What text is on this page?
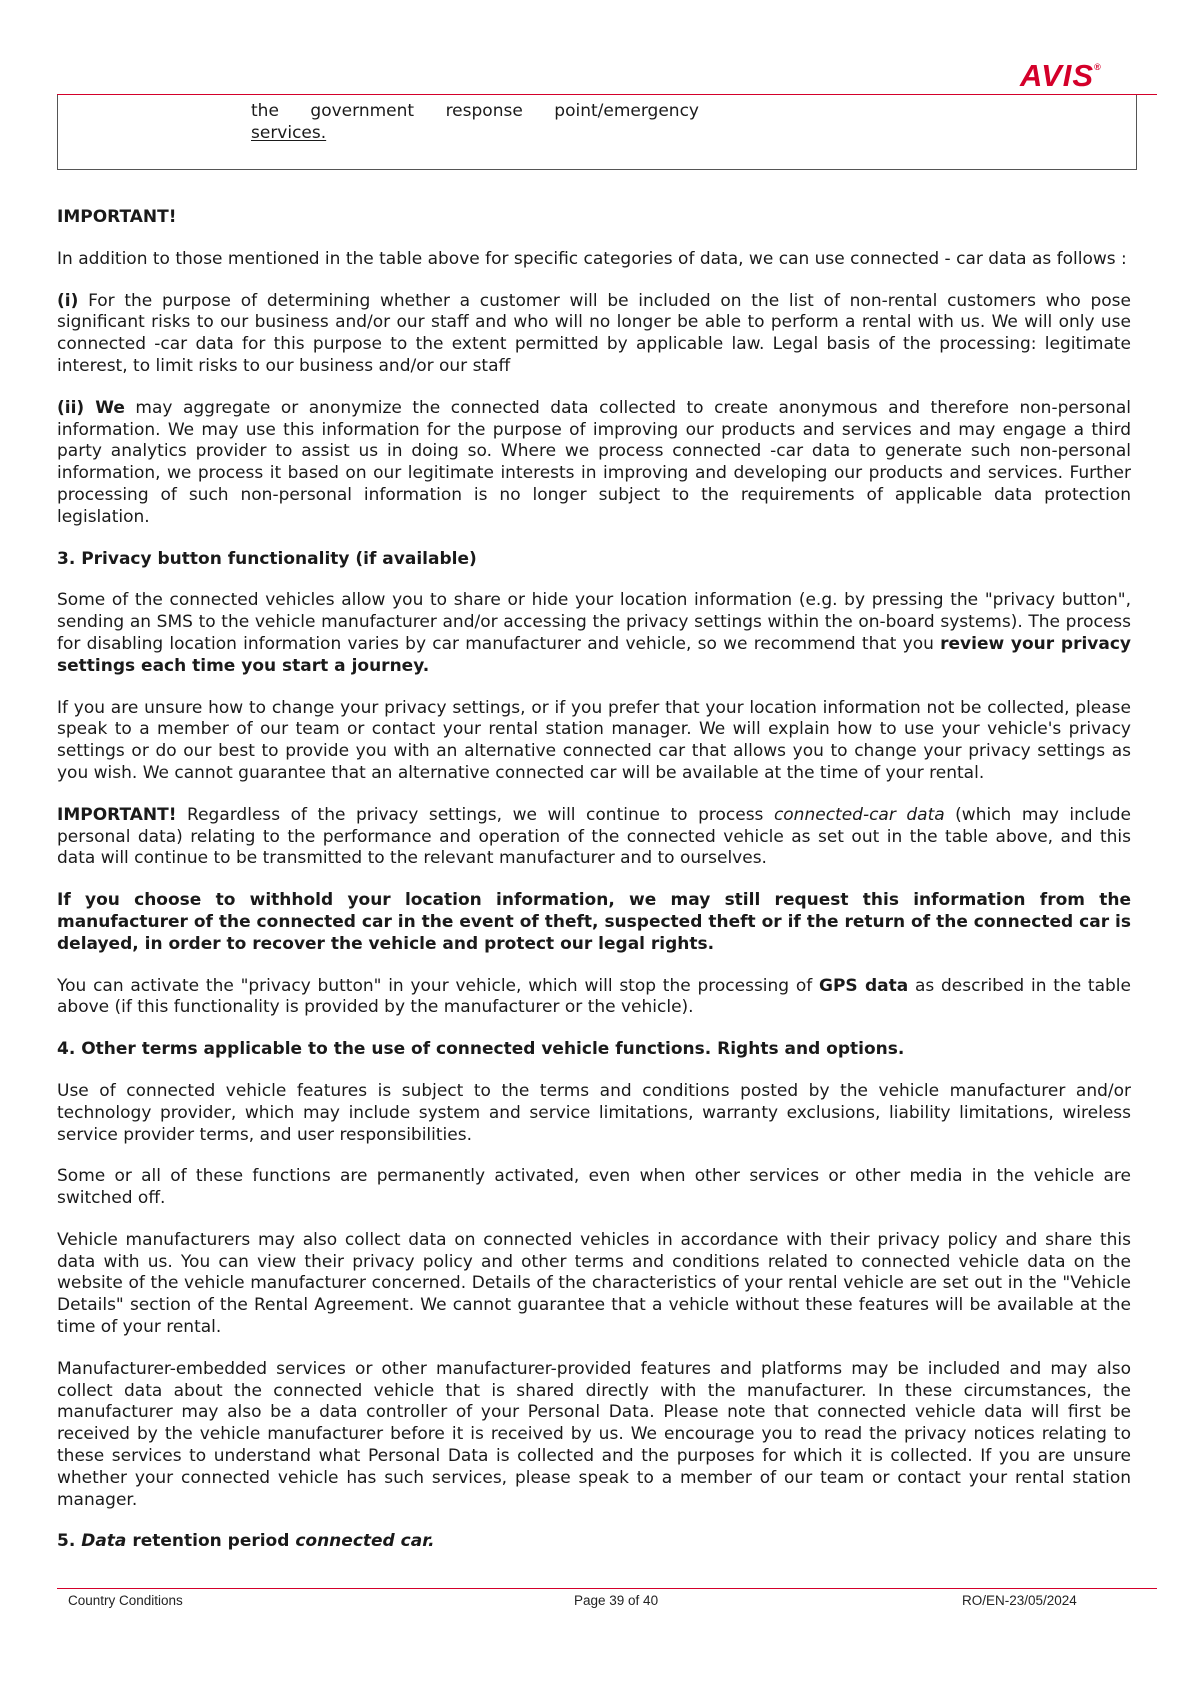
AVIS®
the government response point/emergency
services.

IMPORTANT!

In addition to those mentioned in the table above for specific categories of data, we can use connected - car data as follows :

(i) For the purpose of determining whether a customer will be included on the list of non-rental customers who pose significant risks to our business and/or our staff and who will no longer be able to perform a rental with us. We will only use connected -car data for this purpose to the extent permitted by applicable law. Legal basis of the processing: legitimate interest, to limit risks to our business and/or our staff

(ii) We may aggregate or anonymize the connected data collected to create anonymous and therefore non-personal information. We may use this information for the purpose of improving our products and services and may engage a third party analytics provider to assist us in doing so. Where we process connected -car data to generate such non-personal information, we process it based on our legitimate interests in improving and developing our products and services. Further processing of such non-personal information is no longer subject to the requirements of applicable data protection legislation.

3. Privacy button functionality (if available)

Some of the connected vehicles allow you to share or hide your location information (e.g. by pressing the "privacy button", sending an SMS to the vehicle manufacturer and/or accessing the privacy settings within the on-board systems). The process for disabling location information varies by car manufacturer and vehicle, so we recommend that you review your privacy settings each time you start a journey.

If you are unsure how to change your privacy settings, or if you prefer that your location information not be collected, please speak to a member of our team or contact your rental station manager. We will explain how to use your vehicle's privacy settings or do our best to provide you with an alternative connected car that allows you to change your privacy settings as you wish. We cannot guarantee that an alternative connected car will be available at the time of your rental.

IMPORTANT! Regardless of the privacy settings, we will continue to process connected-car data (which may include personal data) relating to the performance and operation of the connected vehicle as set out in the table above, and this data will continue to be transmitted to the relevant manufacturer and to ourselves.

If you choose to withhold your location information, we may still request this information from the manufacturer of the connected car in the event of theft, suspected theft or if the return of the connected car is delayed, in order to recover the vehicle and protect our legal rights.

You can activate the "privacy button" in your vehicle, which will stop the processing of GPS data as described in the table above (if this functionality is provided by the manufacturer or the vehicle).

4. Other terms applicable to the use of connected vehicle functions. Rights and options.

Use of connected vehicle features is subject to the terms and conditions posted by the vehicle manufacturer and/or technology provider, which may include system and service limitations, warranty exclusions, liability limitations, wireless service provider terms, and user responsibilities.

Some or all of these functions are permanently activated, even when other services or other media in the vehicle are switched off.

Vehicle manufacturers may also collect data on connected vehicles in accordance with their privacy policy and share this data with us. You can view their privacy policy and other terms and conditions related to connected vehicle data on the website of the vehicle manufacturer concerned. Details of the characteristics of your rental vehicle are set out in the "Vehicle Details" section of the Rental Agreement. We cannot guarantee that a vehicle without these features will be available at the time of your rental.

Manufacturer-embedded services or other manufacturer-provided features and platforms may be included and may also collect data about the connected vehicle that is shared directly with the manufacturer. In these circumstances, the manufacturer may also be a data controller of your Personal Data. Please note that connected vehicle data will first be received by the vehicle manufacturer before it is received by us. We encourage you to read the privacy notices relating to these services to understand what Personal Data is collected and the purposes for which it is collected. If you are unsure whether your connected vehicle has such services, please speak to a member of our team or contact your rental station manager.

5. Data retention period connected car.

Country Conditions	Page 39 of 40	RO/EN-23/05/2024
